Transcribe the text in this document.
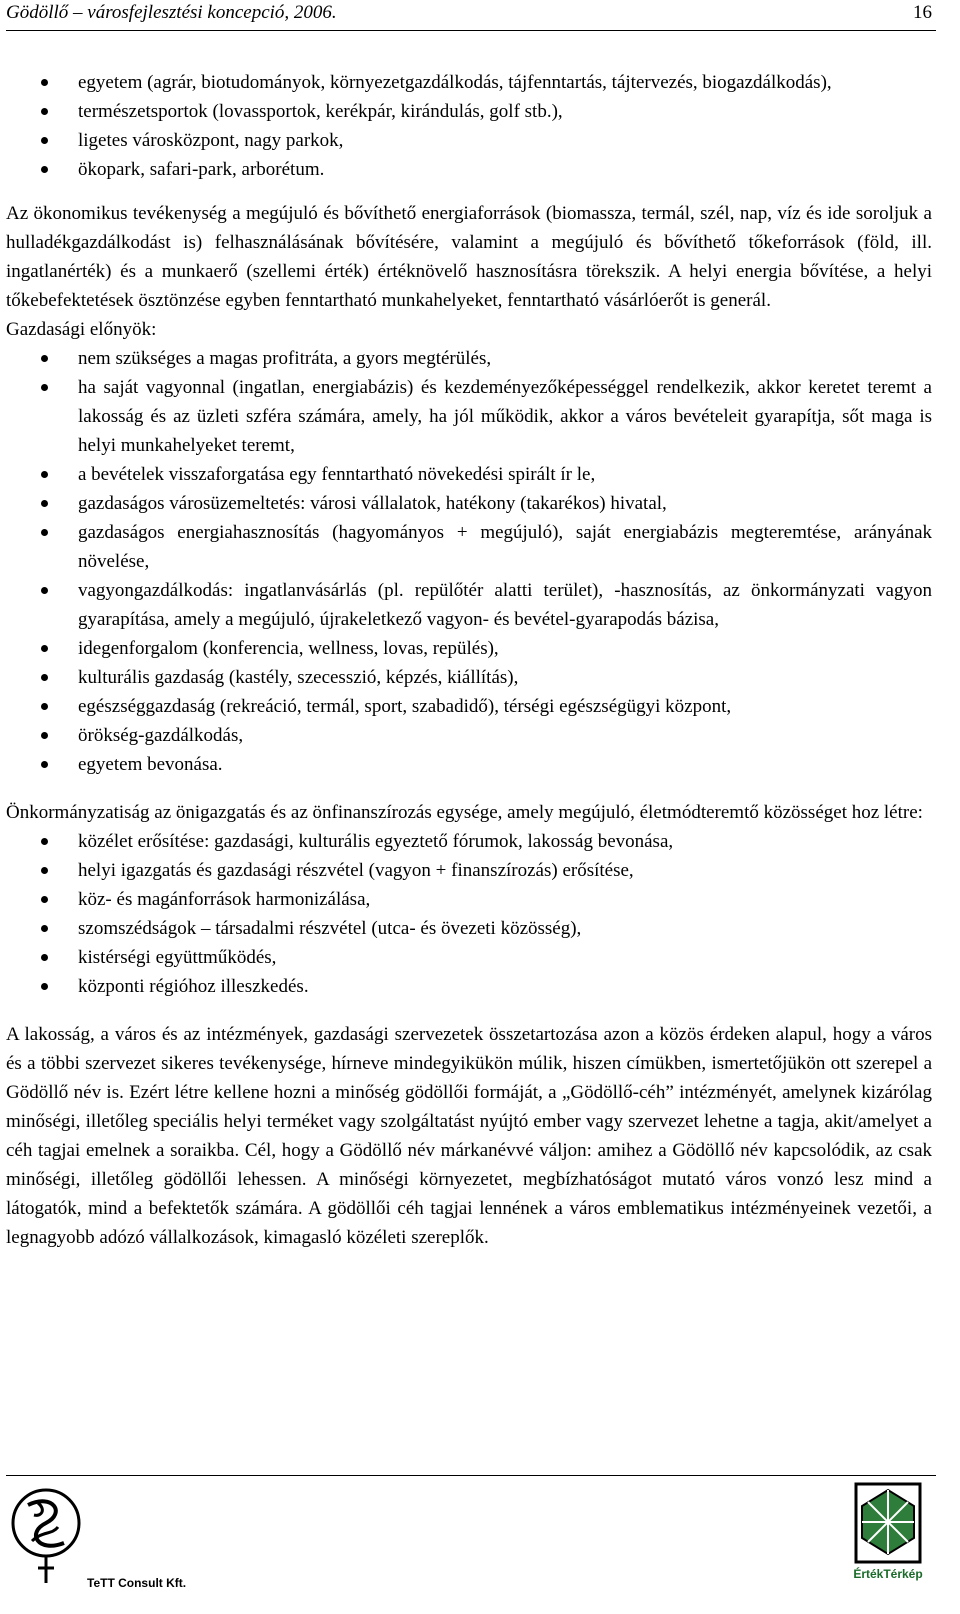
Gödöllő – városfejlesztési koncepció, 2006.	16
egyetem (agrár, biotudományok, környezetgazdálkodás, tájfenntartás, tájtervezés, biogazdálkodás),
természetsportok (lovassportok, kerékpár, kirándulás, golf stb.),
ligetes városközpont, nagy parkok,
ökopark, safari-park, arborétum.

Az ökonomikus tevékenység a megújuló és bővíthető energiaforrások (biomassza, termál, szél, nap, víz és ide soroljuk a hulladékgazdálkodást is) felhasználásának bővítésére, valamint a megújuló és bővíthető tőkeforrások (föld, ill. ingatlanérték) és a munkaerő (szellemi érték) értéknövelő hasznosításra törekszik. A helyi energia bővítése, a helyi tőkebefektetések ösztönzése egyben fenntartható munkahelyeket, fenntartható vásárlóerőt is generál.

Gazdasági előnyök:

nem szükséges a magas profitráta, a gyors megtérülés,
ha saját vagyonnal (ingatlan, energiabázis) és kezdeményezőképességgel rendelkezik, akkor keretet teremt a lakosság és az üzleti szféra számára, amely, ha jól működik, akkor a város bevételeit gyarapítja, sőt maga is helyi munkahelyeket teremt,
a bevételek visszaforgatása egy fenntartható növekedési spirált ír le,
gazdaságos városüzemeltetés: városi vállalatok, hatékony (takarékos) hivatal,
gazdaságos energiahasznosítás (hagyományos + megújuló), saját energiabázis megteremtése, arányának növelése,
vagyongazdálkodás: ingatlanvásárlás (pl. repülőtér alatti terület), -hasznosítás, az önkormányzati vagyon gyarapítása, amely a megújuló, újrakeletkező vagyon- és bevétel-gyarapodás bázisa,
idegenforgalom (konferencia, wellness, lovas, repülés),
kulturális gazdaság (kastély, szecesszió, képzés, kiállítás),
egészséggazdaság (rekreáció, termál, sport, szabadidő), térségi egészségügyi központ,
örökség-gazdálkodás,
egyetem bevonása.

Önkormányzatiság az önigazgatás és az önfinanszírozás egysége, amely megújuló, életmódteremtő közösséget hoz létre:

közélet erősítése: gazdasági, kulturális egyeztető fórumok, lakosság bevonása,
helyi igazgatás és gazdasági részvétel (vagyon + finanszírozás) erősítése,
köz- és magánforrások harmonizálása,
szomszédságok – társadalmi részvétel (utca- és övezeti közösség),
kistérségi együttműködés,
központi régióhoz illeszkedés.

A lakosság, a város és az intézmények, gazdasági szervezetek összetartozása azon a közös érdeken alapul, hogy a város és a többi szervezet sikeres tevékenysége, hírneve mindegyikükön múlik, hiszen címükben, ismertetőjükön ott szerepel a Gödöllő név is. Ezért létre kellene hozni a minőség gödöllői formáját, a „Gödöllő-céh” intézményét, amelynek kizárólag minőségi, illetőleg speciális helyi terméket vagy szolgáltatást nyújtó ember vagy szervezet lehetne a tagja, akit/amelyet a céh tagjai emelnek a soraikba. Cél, hogy a Gödöllő név márkanévvé váljon: amihez a Gödöllő név kapcsolódik, az csak minőségi, illetőleg gödöllői lehessen. A minőségi környezetet, megbízhatóságot mutató város vonzó lesz mind a látogatók, mind a befektetők számára. A gödöllői céh tagjai lennének a város emblematikus intézményeinek vezetői, a legnagyobb adózó vállalkozások, kimagasló közéleti szereplők.

TeTT Consult Kft.
ÉrtékTérkép
